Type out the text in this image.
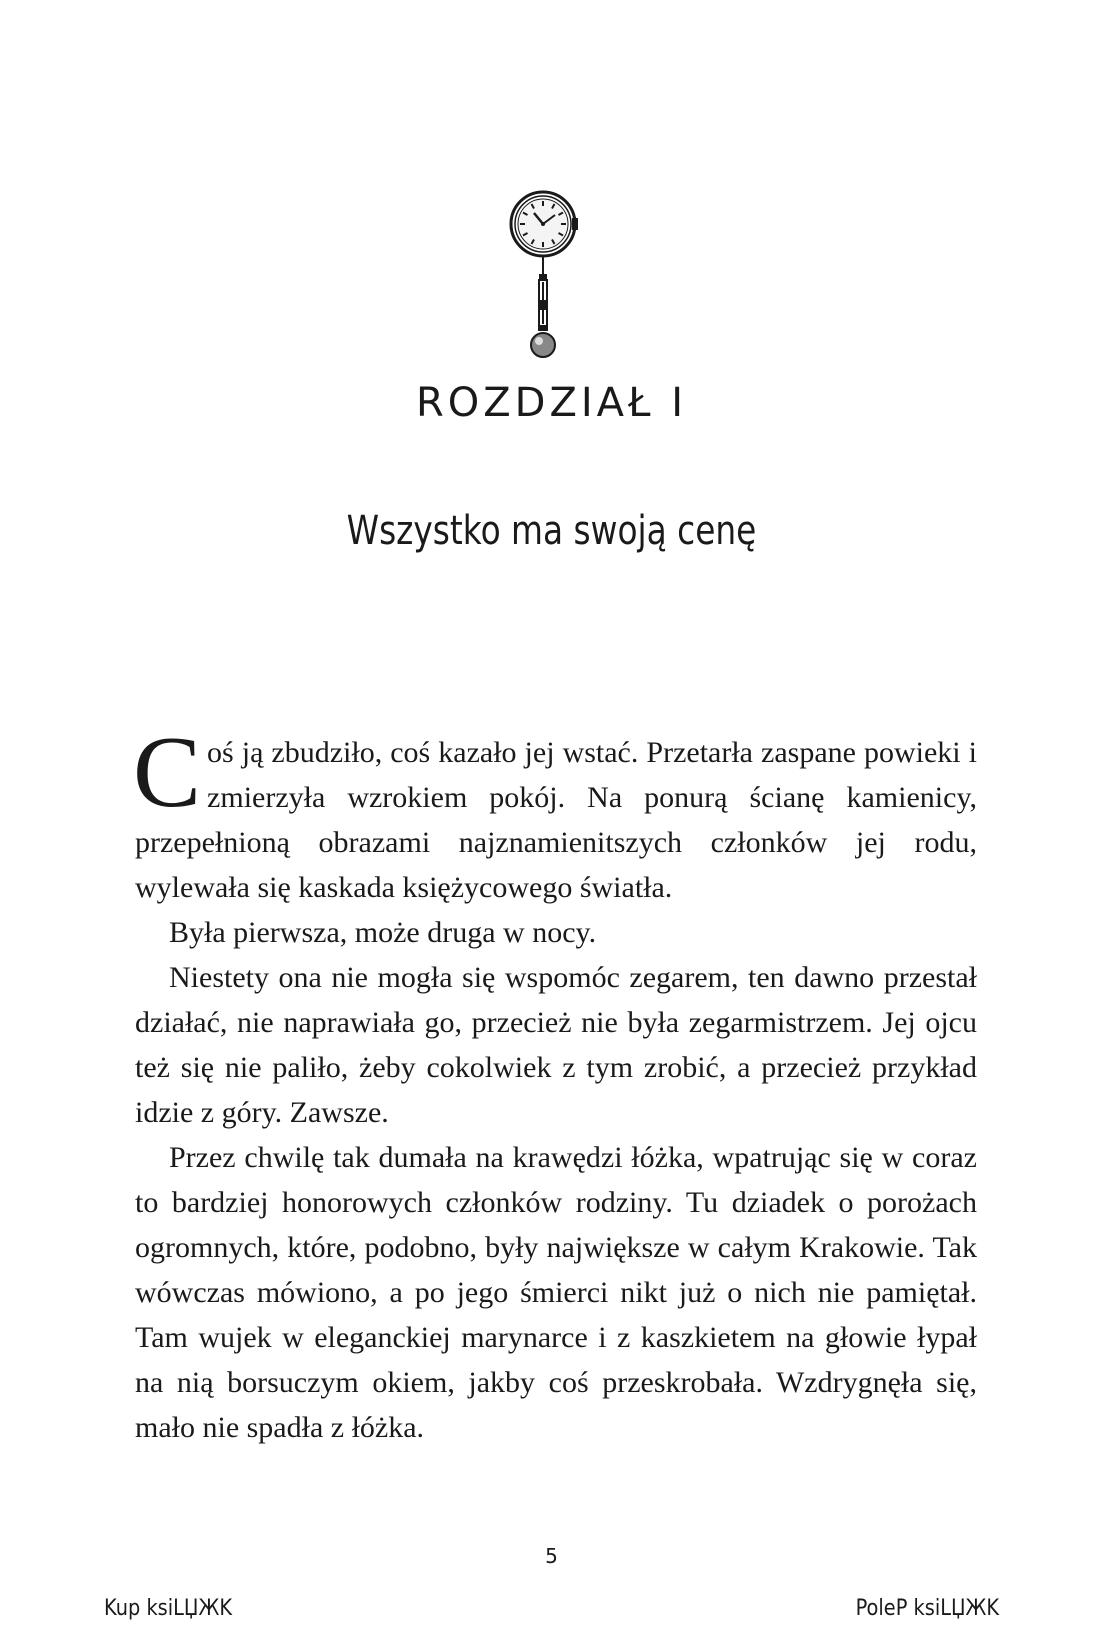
ROZDZIAŁ I
Wszystko ma swoją cenę

Coś ją zbudziło, coś kazało jej wstać. Przetarła zaspane powieki i zmierzyła wzrokiem pokój. Na ponurą ścianę kamienicy, przepełnioną obrazami najznamienitszych członków jej rodu, wylewała się kaskada księżycowego światła.

Była pierwsza, może druga w nocy.

Niestety ona nie mogła się wspomóc zegarem, ten dawno przestał działać, nie naprawiała go, przecież nie była zegarmistrzem. Jej ojcu też się nie paliło, żeby cokolwiek z tym zrobić, a przecież przykład idzie z góry. Zawsze.

Przez chwilę tak dumała na krawędzi łóżka, wpatrując się w coraz to bardziej honorowych członków rodziny. Tu dziadek o porożach ogromnych, które, podobno, były największe w całym Krakowie. Tak wówczas mówiono, a po jego śmierci nikt już o nich nie pamiętał. Tam wujek w eleganckiej marynarce i z kaszkietem na głowie łypał na nią borsuczym okiem, jakby coś przeskrobała. Wzdrygnęła się, mało nie spadła z łóżka.

5
Kup ksiLЏЖK	PoleP ksiLЏЖK
